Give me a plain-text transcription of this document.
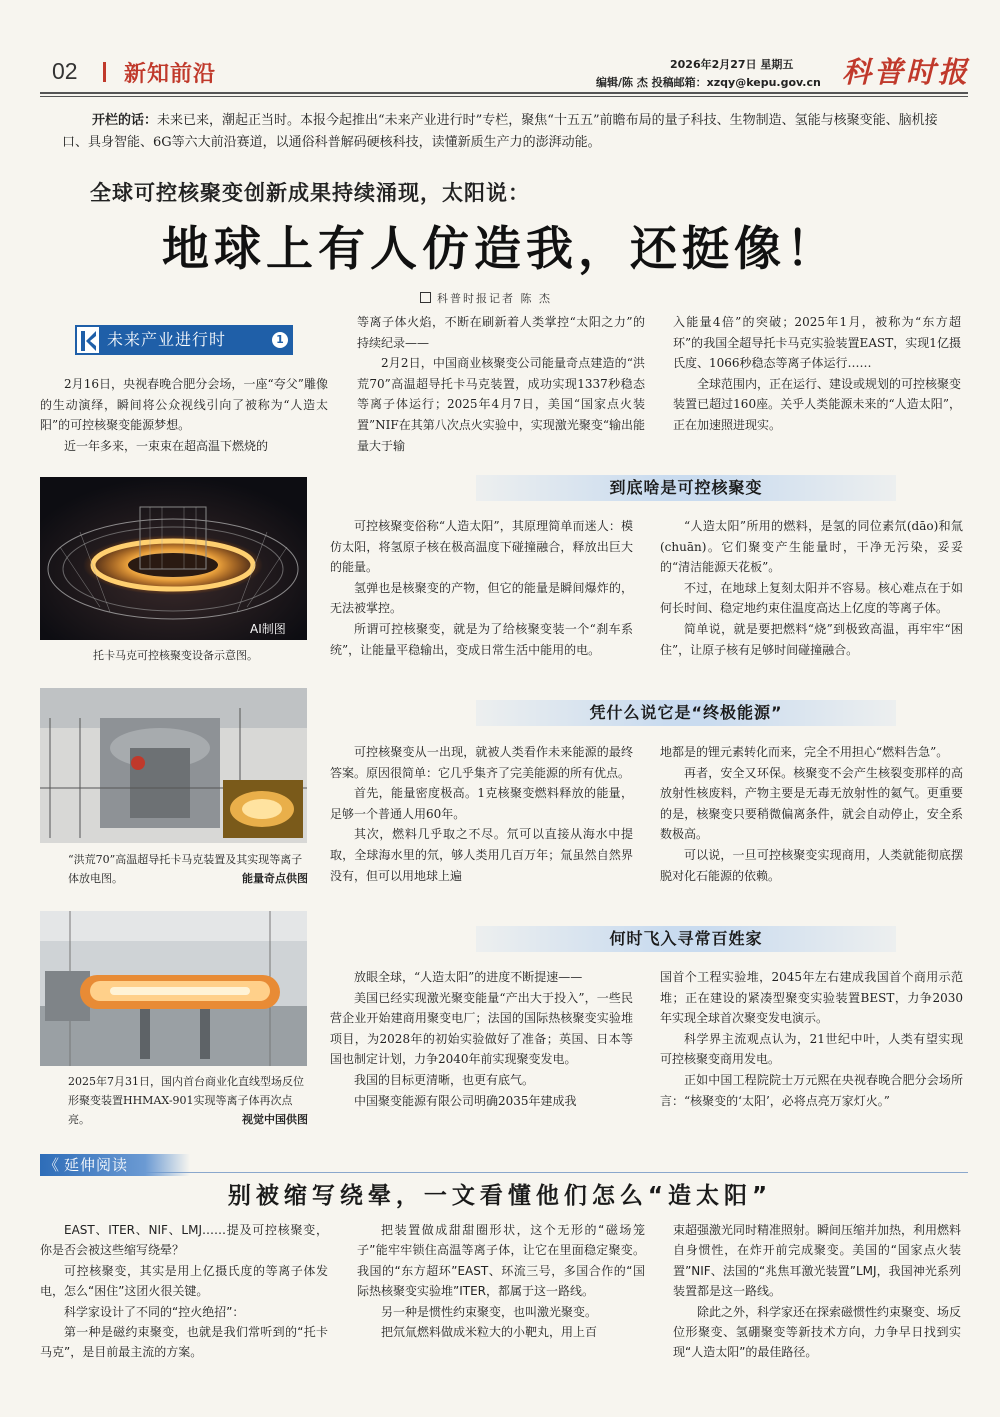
02 新知前沿	2026年2月27日 星期五
编辑/陈 杰 投稿邮箱：xzqy@kepu.gov.cn 科普时报
开栏的话：未来已来，潮起正当时。本报今起推出“未来产业进行时”专栏，聚焦“十五五”前瞻布局的量子科技、生物制造、氢能与核聚变能、脑机接口、具身智能、6G等六大前沿赛道，以通俗科普解码硬核科技，读懂新质生产力的澎湃动能。
全球可控核聚变创新成果持续涌现，太阳说：
地球上有人仿造我，还挺像！
科普时报记者 陈 杰
未来产业进行时	1

2月16日，央视春晚合肥分会场，一座“夸父”雕像的生动演绎，瞬间将公众视线引向了被称为“人造太阳”的可控核聚变能源梦想。

近一年多来，一束束在超高温下燃烧的

等离子体火焰，不断在刷新着人类掌控“太阳之力”的持续纪录——

2月2日，中国商业核聚变公司能量奇点建造的“洪荒70”高温超导托卡马克装置，成功实现1337秒稳态等离子体运行；2025年4月7日，美国“国家点火装置”NIF在其第八次点火实验中，实现激光聚变“输出能量大于输

入能量4倍”的突破；2025年1月，被称为“东方超环”的我国全超导托卡马克实验装置EAST，实现1亿摄氏度、1066秒稳态等离子体运行……

全球范围内，正在运行、建设或规划的可控核聚变装置已超过160座。关乎人类能源未来的“人造太阳”，正在加速照进现实。

AI制图
托卡马克可控核聚变设备示意图。
“洪荒70”高温超导托卡马克装置及其实现等离子体放电图。	能量奇点供图
2025年7月31日，国内首台商业化直线型场反位形聚变装置HHMAX-901实现等离子体再次点亮。	视觉中国供图
到底啥是可控核聚变

可控核聚变俗称“人造太阳”，其原理简单而迷人：模仿太阳，将氢原子核在极高温度下碰撞融合，释放出巨大的能量。

氢弹也是核聚变的产物，但它的能量是瞬间爆炸的，无法被掌控。

所谓可控核聚变，就是为了给核聚变装一个“刹车系统”，让能量平稳输出，变成日常生活中能用的电。

“人造太阳”所用的燃料，是氢的同位素氘(dāo)和氚(chuān)。它们聚变产生能量时，干净无污染，妥妥的“清洁能源天花板”。

不过，在地球上复刻太阳并不容易。核心难点在于如何长时间、稳定地约束住温度高达上亿度的等离子体。

简单说，就是要把燃料“烧”到极致高温，再牢牢“困住”，让原子核有足够时间碰撞融合。

凭什么说它是“终极能源”

可控核聚变从一出现，就被人类看作未来能源的最终答案。原因很简单：它几乎集齐了完美能源的所有优点。

首先，能量密度极高。1克核聚变燃料释放的能量，足够一个普通人用60年。

其次，燃料几乎取之不尽。氘可以直接从海水中提取，全球海水里的氘，够人类用几百万年；氚虽然自然界没有，但可以用地球上遍

地都是的锂元素转化而来，完全不用担心“燃料告急”。

再者，安全又环保。核聚变不会产生核裂变那样的高放射性核废料，产物主要是无毒无放射性的氦气。更重要的是，核聚变只要稍微偏离条件，就会自动停止，安全系数极高。

可以说，一旦可控核聚变实现商用，人类就能彻底摆脱对化石能源的依赖。

何时飞入寻常百姓家

放眼全球，“人造太阳”的进度不断提速——

美国已经实现激光聚变能量“产出大于投入”，一些民营企业开始建商用聚变电厂；法国的国际热核聚变实验堆项目，为2028年的初始实验做好了准备；英国、日本等国也制定计划，力争2040年前实现聚变发电。

我国的目标更清晰，也更有底气。

中国聚变能源有限公司明确2035年建成我

国首个工程实验堆，2045年左右建成我国首个商用示范堆；正在建设的紧凑型聚变实验装置BEST，力争2030年实现全球首次聚变发电演示。

科学界主流观点认为，21世纪中叶，人类有望实现可控核聚变商用发电。

正如中国工程院院士万元熙在央视春晚合肥分会场所言：“核聚变的‘太阳’，必将点亮万家灯火。”

《 延伸阅读
别被缩写绕晕，一文看懂他们怎么“造太阳”

EAST、ITER、NIF、LMJ……提及可控核聚变，你是否会被这些缩写绕晕？

可控核聚变，其实是用上亿摄氏度的等离子体发电，怎么“困住”这团火很关键。

科学家设计了不同的“控火绝招”：

第一种是磁约束聚变，也就是我们常听到的“托卡马克”，是目前最主流的方案。

把装置做成甜甜圈形状，这个无形的“磁场笼子”能牢牢锁住高温等离子体，让它在里面稳定聚变。我国的“东方超环”EAST、环流三号，多国合作的“国际热核聚变实验堆”ITER，都属于这一路线。

另一种是惯性约束聚变，也叫激光聚变。

把氘氚燃料做成米粒大的小靶丸，用上百

束超强激光同时精准照射。瞬间压缩并加热，利用燃料自身惯性，在炸开前完成聚变。美国的“国家点火装置”NIF、法国的“兆焦耳激光装置”LMJ，我国神光系列装置都是这一路线。

除此之外，科学家还在探索磁惯性约束聚变、场反位形聚变、氢硼聚变等新技术方向，力争早日找到实现“人造太阳”的最佳路径。
